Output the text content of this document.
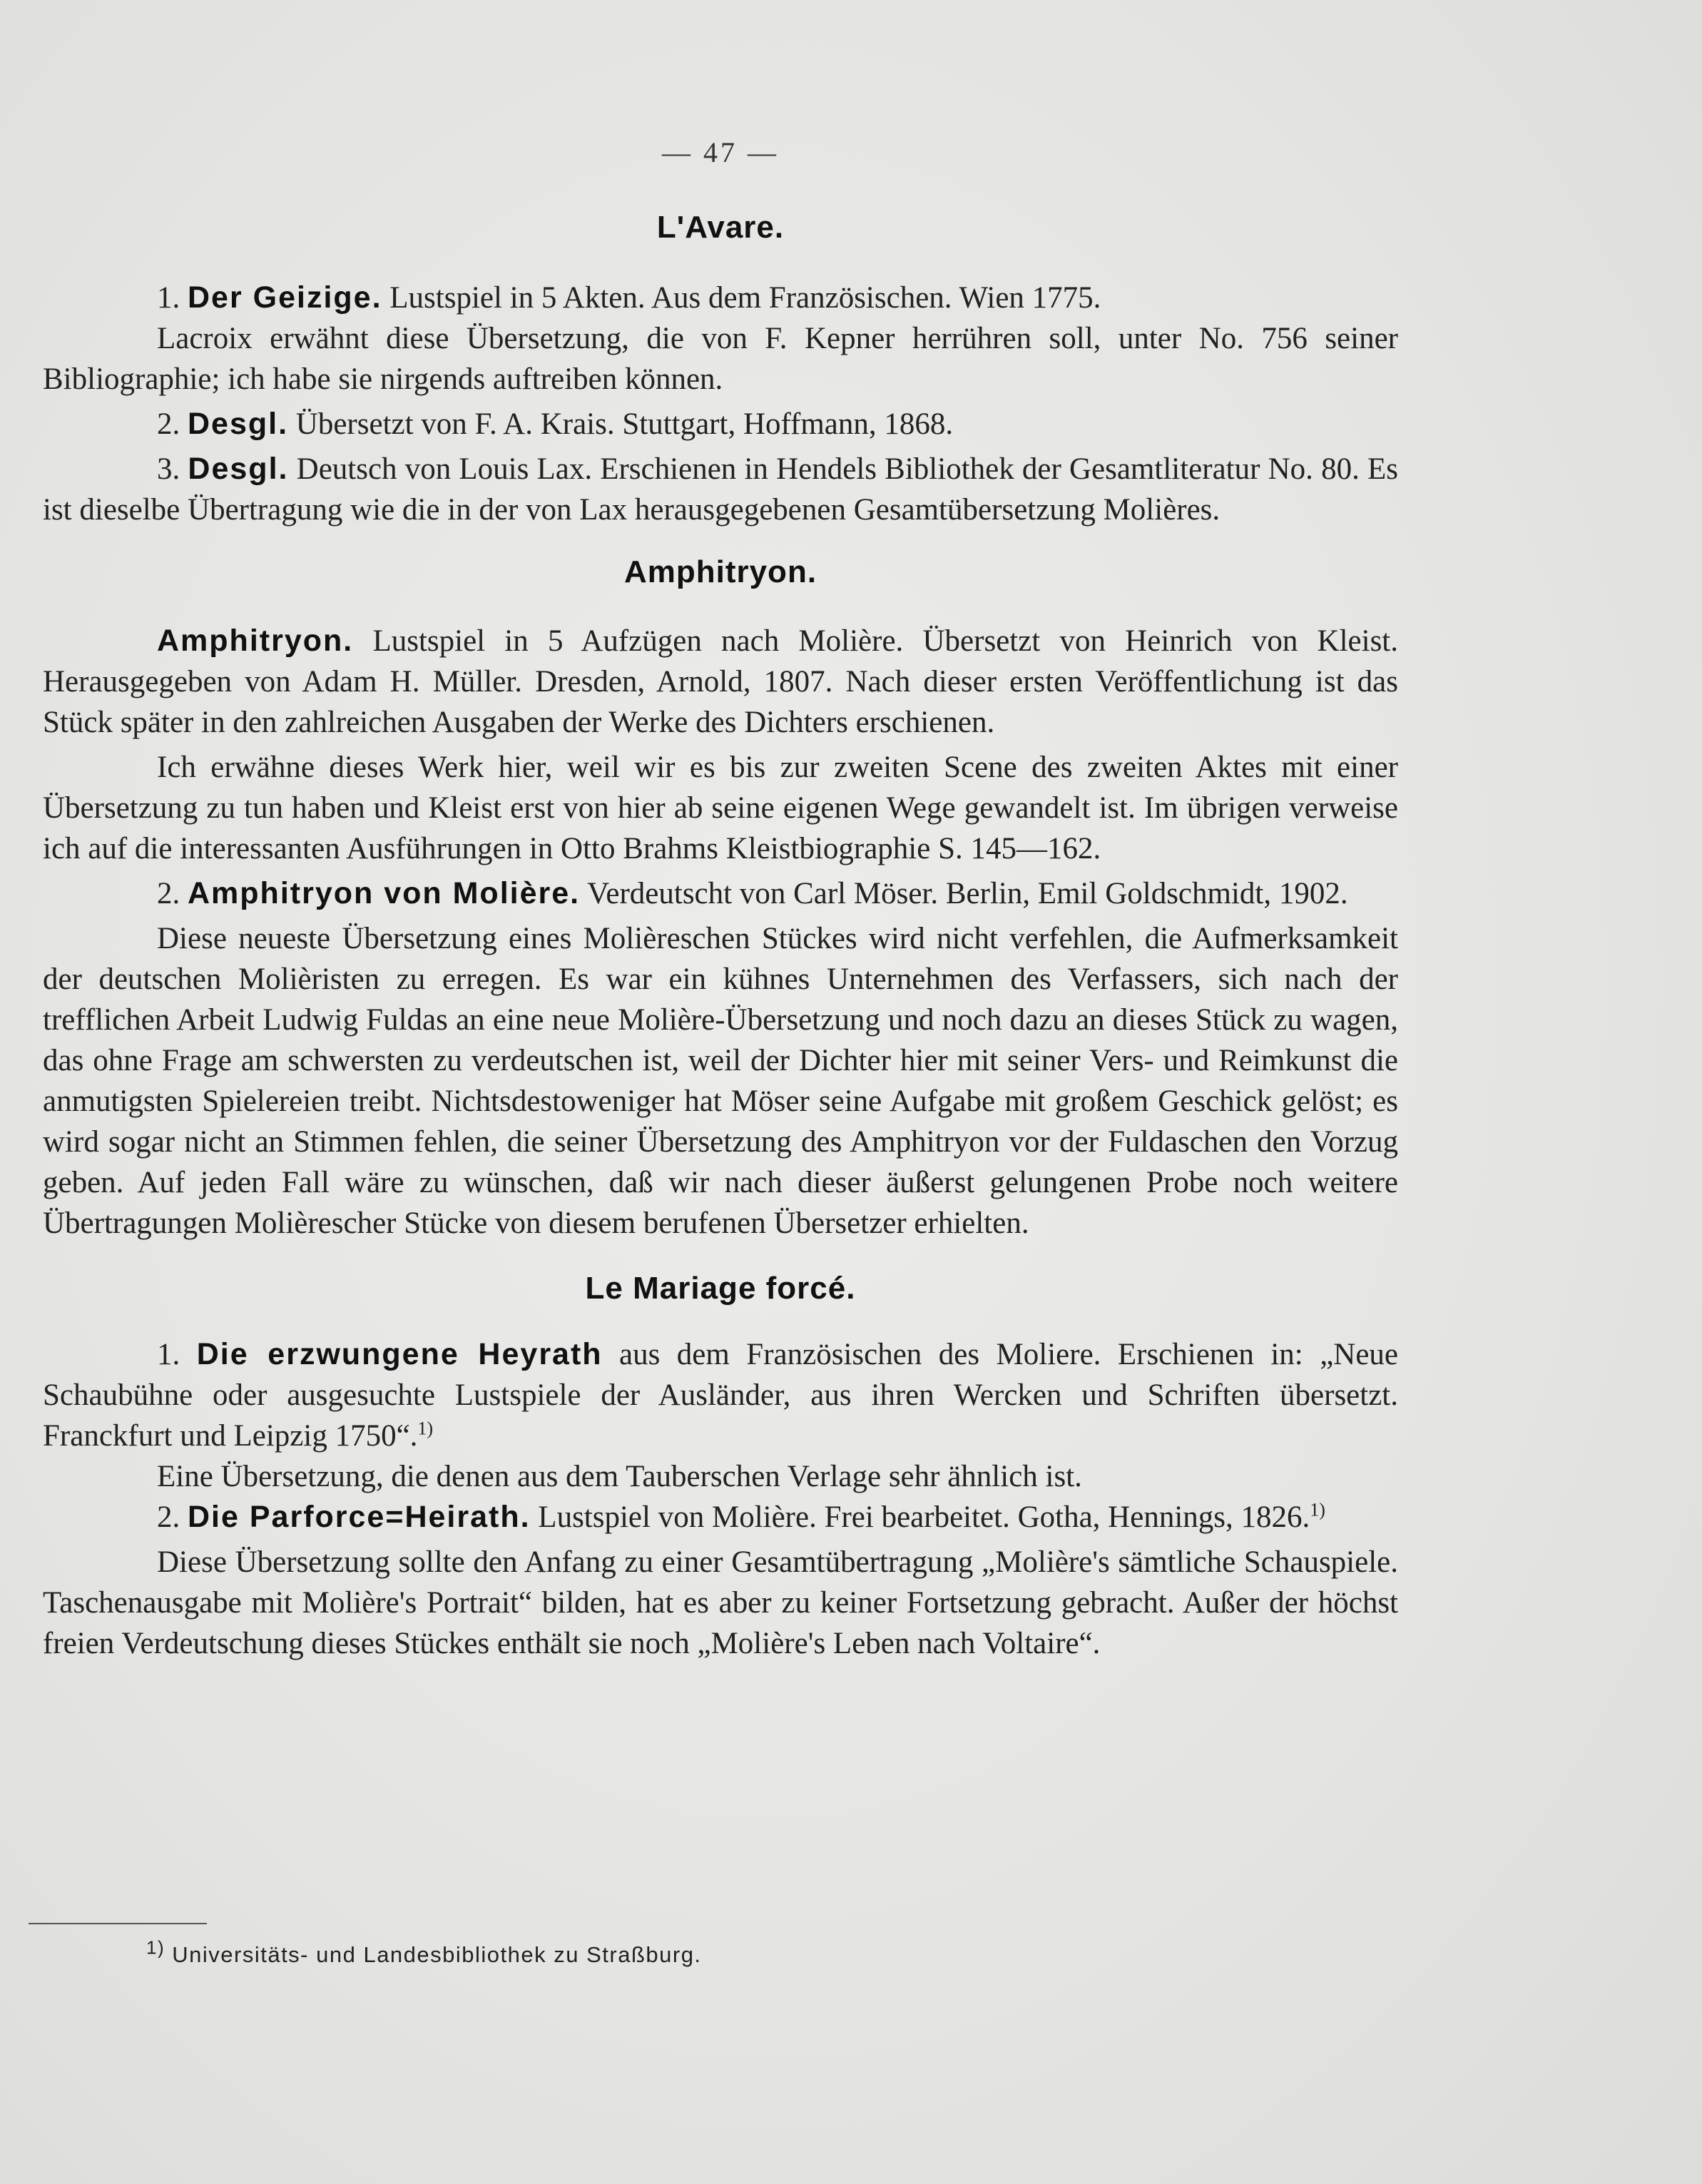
— 47 —
L'Avare.

1. Der Geizige. Lustspiel in 5 Akten. Aus dem Französischen. Wien 1775.

Lacroix erwähnt diese Übersetzung, die von F. Kepner herrühren soll, unter No. 756 seiner Bibliographie; ich habe sie nirgends auftreiben können.

2. Desgl. Übersetzt von F. A. Krais. Stuttgart, Hoffmann, 1868.

3. Desgl. Deutsch von Louis Lax. Erschienen in Hendels Bibliothek der Gesamtliteratur No. 80. Es ist dieselbe Übertragung wie die in der von Lax herausgegebenen Gesamtübersetzung Molières.

Amphitryon.

Amphitryon. Lustspiel in 5 Aufzügen nach Molière. Übersetzt von Heinrich von Kleist. Herausgegeben von Adam H. Müller. Dresden, Arnold, 1807. Nach dieser ersten Veröffentlichung ist das Stück später in den zahlreichen Ausgaben der Werke des Dichters erschienen.

Ich erwähne dieses Werk hier, weil wir es bis zur zweiten Scene des zweiten Aktes mit einer Übersetzung zu tun haben und Kleist erst von hier ab seine eigenen Wege gewandelt ist. Im übrigen verweise ich auf die interessanten Ausführungen in Otto Brahms Kleistbiographie S. 145—162.

2. Amphitryon von Molière. Verdeutscht von Carl Möser. Berlin, Emil Goldschmidt, 1902.

Diese neueste Übersetzung eines Molièreschen Stückes wird nicht verfehlen, die Aufmerksamkeit der deutschen Molièristen zu erregen. Es war ein kühnes Unternehmen des Verfassers, sich nach der trefflichen Arbeit Ludwig Fuldas an eine neue Molière-Übersetzung und noch dazu an dieses Stück zu wagen, das ohne Frage am schwersten zu verdeutschen ist, weil der Dichter hier mit seiner Vers- und Reimkunst die anmutigsten Spielereien treibt. Nichtsdestoweniger hat Möser seine Aufgabe mit großem Geschick gelöst; es wird sogar nicht an Stimmen fehlen, die seiner Übersetzung des Amphitryon vor der Fuldaschen den Vorzug geben. Auf jeden Fall wäre zu wünschen, daß wir nach dieser äußerst gelungenen Probe noch weitere Übertragungen Molièrescher Stücke von diesem berufenen Übersetzer erhielten.

Le Mariage forcé.

1. Die erzwungene Heyrath aus dem Französischen des Moliere. Erschienen in: „Neue Schaubühne oder ausgesuchte Lustspiele der Ausländer, aus ihren Wercken und Schriften übersetzt. Franckfurt und Leipzig 1750“.$^{1)}$

Eine Übersetzung, die denen aus dem Tauberschen Verlage sehr ähnlich ist.

2. Die Parforce=Heirath. Lustspiel von Molière. Frei bearbeitet. Gotha, Hennings, 1826.$^{1)}$

Diese Übersetzung sollte den Anfang zu einer Gesamtübertragung „Molière's sämtliche Schauspiele. Taschenausgabe mit Molière's Portrait“ bilden, hat es aber zu keiner Fortsetzung gebracht. Außer der höchst freien Verdeutschung dieses Stückes enthält sie noch „Molière's Leben nach Voltaire“.

$^{1)}$ Universitäts- und Landesbibliothek zu Straßburg.
